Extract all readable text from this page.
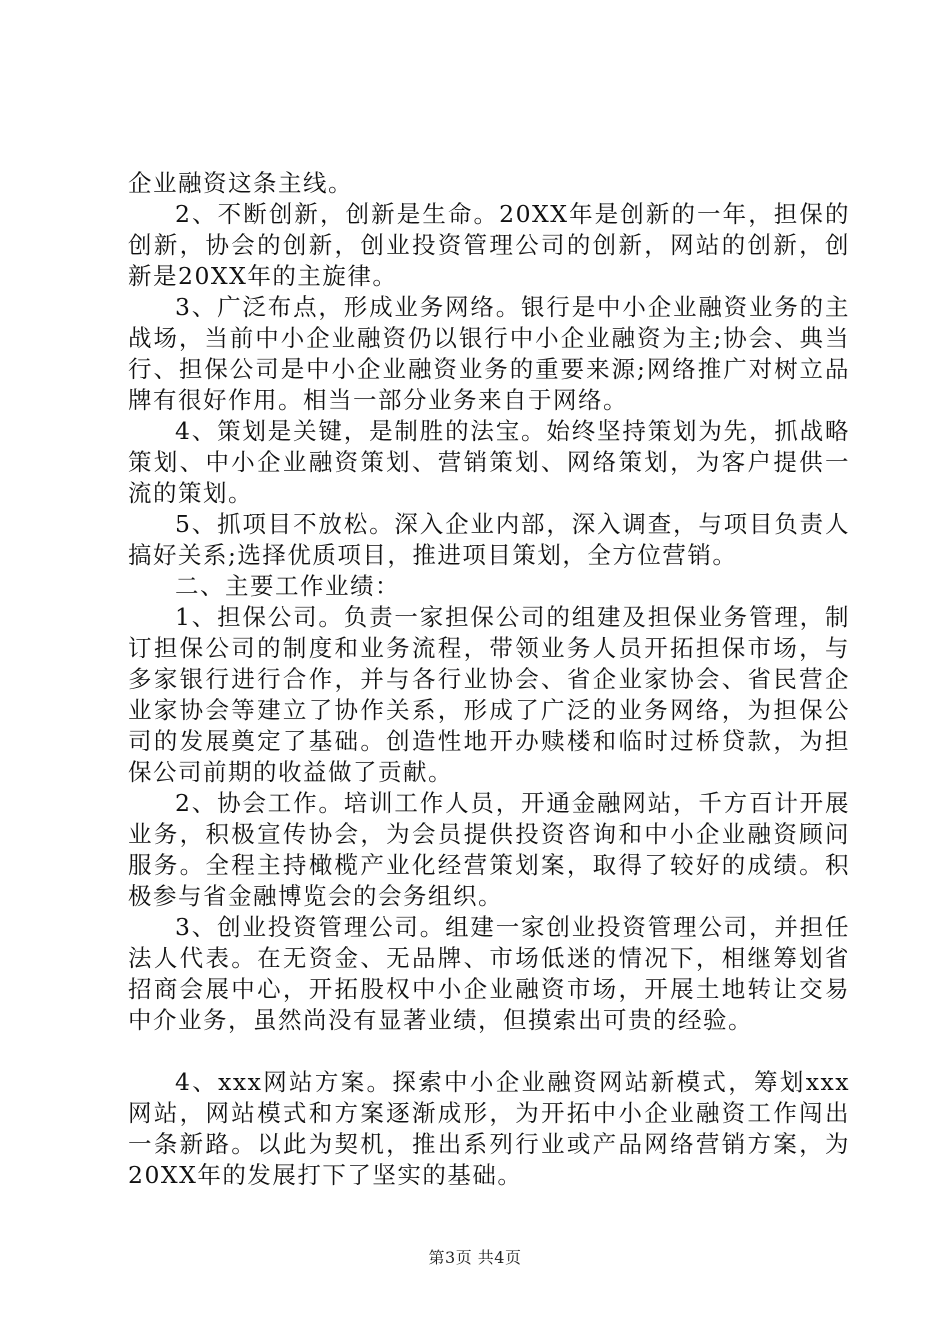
企业融资这条主线。

2、不断创新，创新是生命。20XX年是创新的一年，担保的创新，协会的创新，创业投资管理公司的创新，网站的创新，创新是20XX年的主旋律。

3、广泛布点，形成业务网络。银行是中小企业融资业务的主战场，当前中小企业融资仍以银行中小企业融资为主;协会、典当行、担保公司是中小企业融资业务的重要来源;网络推广对树立品牌有很好作用。相当一部分业务来自于网络。

4、策划是关键，是制胜的法宝。始终坚持策划为先，抓战略策划、中小企业融资策划、营销策划、网络策划，为客户提供一流的策划。

5、抓项目不放松。深入企业内部，深入调查，与项目负责人搞好关系;选择优质项目，推进项目策划，全方位营销。

二、主要工作业绩：

1、担保公司。负责一家担保公司的组建及担保业务管理，制订担保公司的制度和业务流程，带领业务人员开拓担保市场，与多家银行进行合作，并与各行业协会、省企业家协会、省民营企业家协会等建立了协作关系，形成了广泛的业务网络，为担保公司的发展奠定了基础。创造性地开办赎楼和临时过桥贷款，为担保公司前期的收益做了贡献。

2、协会工作。培训工作人员，开通金融网站，千方百计开展业务，积极宣传协会，为会员提供投资咨询和中小企业融资顾问服务。全程主持橄榄产业化经营策划案，取得了较好的成绩。积极参与省金融博览会的会务组织。

3、创业投资管理公司。组建一家创业投资管理公司，并担任法人代表。在无资金、无品牌、市场低迷的情况下，相继筹划省招商会展中心，开拓股权中小企业融资市场，开展土地转让交易中介业务，虽然尚没有显著业绩，但摸索出可贵的经验。

4、xxx网站方案。探索中小企业融资网站新模式，筹划xxx网站，网站模式和方案逐渐成形，为开拓中小企业融资工作闯出一条新路。以此为契机，推出系列行业或产品网络营销方案，为20XX年的发展打下了坚实的基础。

第3页 共4页
